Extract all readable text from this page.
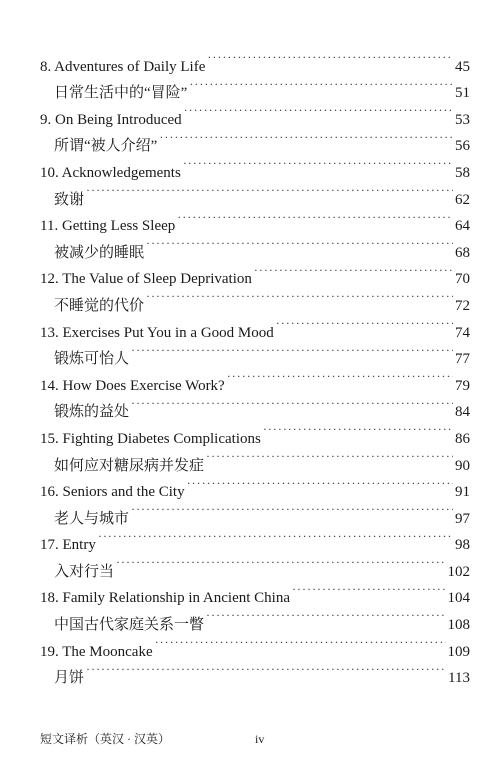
8. Adventures of Daily Life ·····	45
日常生活中的“冒险” ·····	51
9. On Being Introduced ·····	53
所谓“被人介绍” ·····	56
10. Acknowledgements ·····	58
致谢 ·····	62
11. Getting Less Sleep ·····	64
被减少的睡眠 ·····	68
12. The Value of Sleep Deprivation ·····	70
不睡觉的代价 ·····	72
13. Exercises Put You in a Good Mood ·····	74
锻炼可怡人 ·····	77
14. How Does Exercise Work? ·····	79
锻炼的益处 ·····	84
15. Fighting Diabetes Complications ·····	86
如何应对糖尿病并发症 ·····	90
16. Seniors and the City ·····	91
老人与城市 ·····	97
17. Entry ·····	98
入对行当 ·····	102
18. Family Relationship in Ancient China ·····	104
中国古代家庭关系一瞥 ·····	108
19. The Mooncake ·····	109
月饼 ·····	113
短文译析（英汉 · 汉英）	iv
